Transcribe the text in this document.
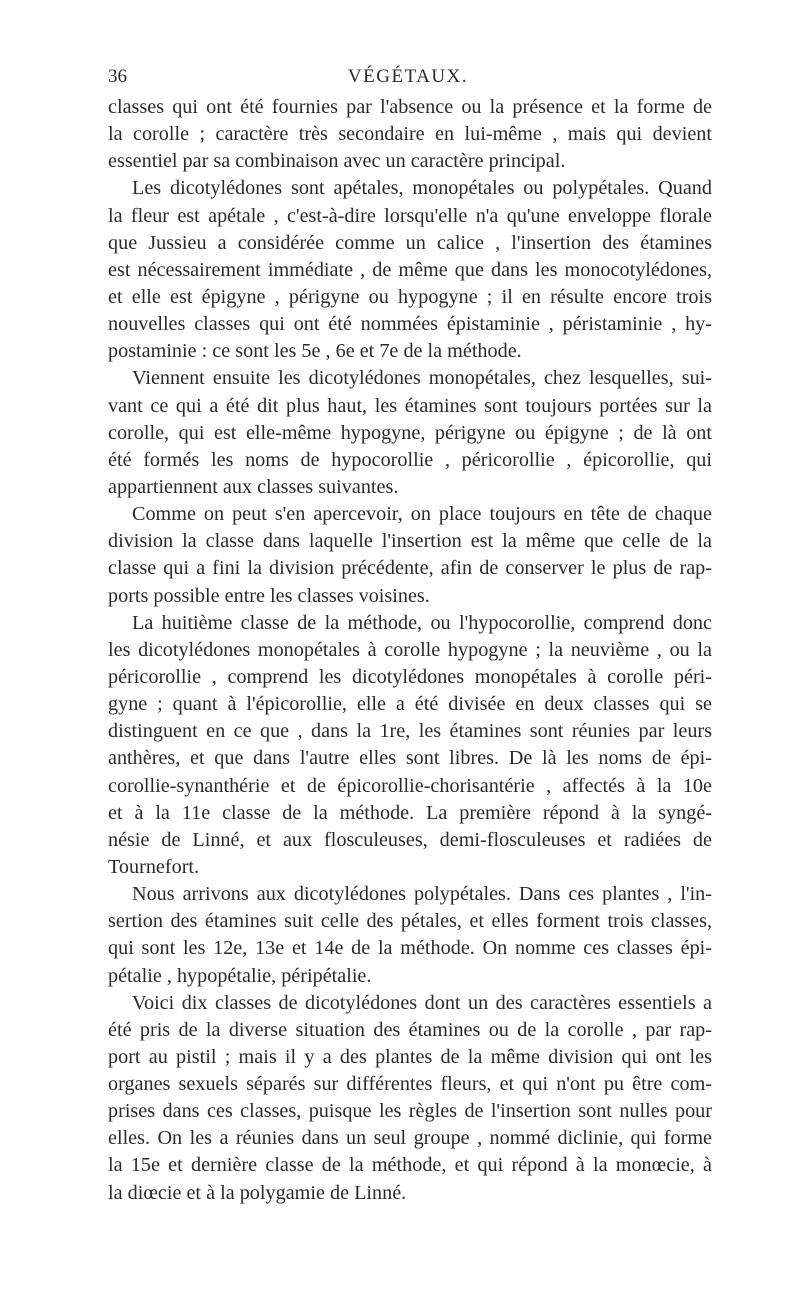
36	VÉGÉTAUX.
classes qui ont été fournies par l'absence ou la présence et la forme de
la corolle ; caractère très secondaire en lui-même , mais qui devient
essentiel par sa combinaison avec un caractère principal.
Les dicotylédones sont apétales, monopétales ou polypétales. Quand
la fleur est apétale , c'est-à-dire lorsqu'elle n'a qu'une enveloppe florale
que Jussieu a considérée comme un calice , l'insertion des étamines
est nécessairement immédiate , de même que dans les monocotylédones,
et elle est épigyne , périgyne ou hypogyne ; il en résulte encore trois
nouvelles classes qui ont été nommées épistaminie , péristaminie , hy-
postaminie : ce sont les 5e , 6e et 7e de la méthode.
Viennent ensuite les dicotylédones monopétales, chez lesquelles, sui-
vant ce qui a été dit plus haut, les étamines sont toujours portées sur la
corolle, qui est elle-même hypogyne, périgyne ou épigyne ; de là ont
été formés les noms de hypocorollie , péricorollie , épicorollie, qui
appartiennent aux classes suivantes.
Comme on peut s'en apercevoir, on place toujours en tête de chaque
division la classe dans laquelle l'insertion est la même que celle de la
classe qui a fini la division précédente, afin de conserver le plus de rap-
ports possible entre les classes voisines.
La huitième classe de la méthode, ou l'hypocorollie, comprend donc
les dicotylédones monopétales à corolle hypogyne ; la neuvième , ou la
péricorollie , comprend les dicotylédones monopétales à corolle péri-
gyne ; quant à l'épicorollie, elle a été divisée en deux classes qui se
distinguent en ce que , dans la 1re, les étamines sont réunies par leurs
anthères, et que dans l'autre elles sont libres. De là les noms de épi-
corollie-synanthérie et de épicorollie-chorisantérie , affectés à la 10e
et à la 11e classe de la méthode. La première répond à la syngé-
nésie de Linné, et aux flosculeuses, demi-flosculeuses et radiées de
Tournefort.
Nous arrivons aux dicotylédones polypétales. Dans ces plantes , l'in-
sertion des étamines suit celle des pétales, et elles forment trois classes,
qui sont les 12e, 13e et 14e de la méthode. On nomme ces classes épi-
pétalie , hypopétalie, péripétalie.
Voici dix classes de dicotylédones dont un des caractères essentiels a
été pris de la diverse situation des étamines ou de la corolle , par rap-
port au pistil ; mais il y a des plantes de la même division qui ont les
organes sexuels séparés sur différentes fleurs, et qui n'ont pu être com-
prises dans ces classes, puisque les règles de l'insertion sont nulles pour
elles. On les a réunies dans un seul groupe , nommé diclinie, qui forme
la 15e et dernière classe de la méthode, et qui répond à la monœcie, à
la diœcie et à la polygamie de Linné.
